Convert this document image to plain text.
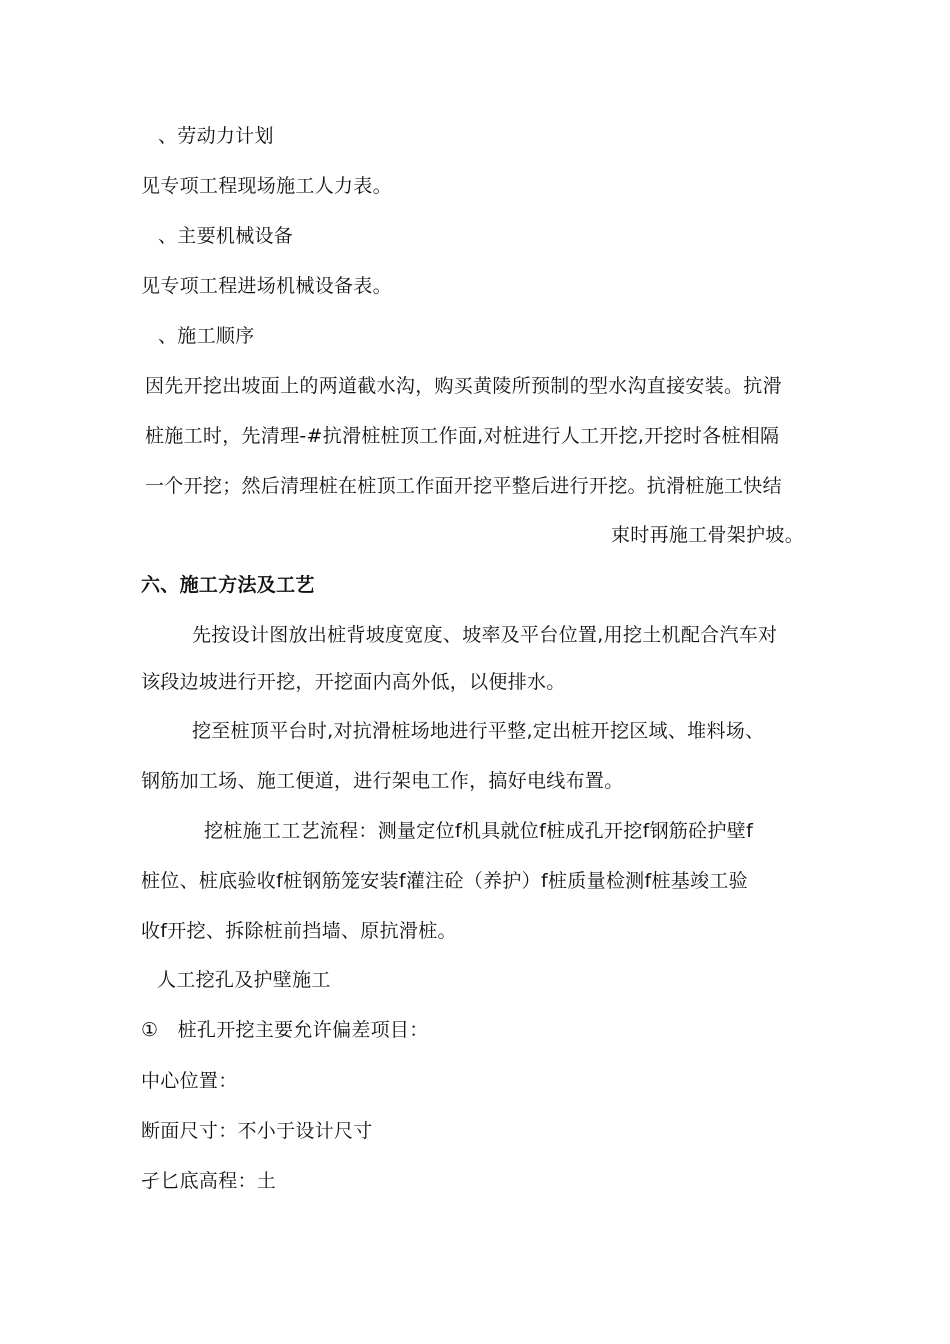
、劳动力计划
见专项工程现场施工人力表。
、主要机械设备
见专项工程进场机械设备表。
、施工顺序
因先开挖出坡面上的两道截水沟，购买黄陵所预制的型水沟直接安装。抗滑
桩施工时，先清理-#抗滑桩桩顶工作面,对桩进行人工开挖,开挖时各桩相隔
一个开挖；然后清理桩在桩顶工作面开挖平整后进行开挖。抗滑桩施工快结
束时再施工骨架护坡。
六、施工方法及工艺
先按设计图放出桩背坡度宽度、坡率及平台位置,用挖土机配合汽车对
该段边坡进行开挖，开挖面内高外低，以便排水。
挖至桩顶平台时,对抗滑桩场地进行平整,定出桩开挖区域、堆料场、
钢筋加工场、施工便道，进行架电工作，搞好电线布置。
挖桩施工工艺流程：测量定位f机具就位f桩成孔开挖f钢筋砼护壁f
桩位、桩底验收f桩钢筋笼安装f灌注砼（养护）f桩质量检测f桩基竣工验
收f开挖、拆除桩前挡墙、原抗滑桩。
人工挖孔及护壁施工
①　桩孔开挖主要允许偏差项目：
中心位置：
断面尺寸：不小于设计尺寸
孑匕底高程：土
